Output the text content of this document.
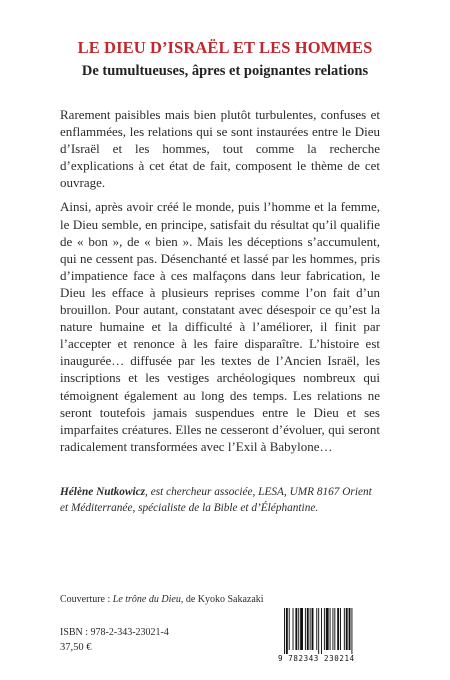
LE DIEU D’ISRAËL ET LES HOMMES
De tumultueuses, âpres et poignantes relations

Rarement paisibles mais bien plutôt turbulentes, confuses et enflammées, les relations qui se sont instaurées entre le Dieu d’Israël et les hommes, tout comme la recherche d’explications à cet état de fait, composent le thème de cet ouvrage.

Ainsi, après avoir créé le monde, puis l’homme et la femme, le Dieu semble, en principe, satisfait du résultat qu’il qualifie de « bon », de « bien ». Mais les déceptions s’accumulent, qui ne cessent pas. Désenchanté et lassé par les hommes, pris d’impatience face à ces malfaçons dans leur fabrication, le Dieu les efface à plusieurs reprises comme l’on fait d’un brouillon. Pour autant, constatant avec désespoir ce qu’est la nature humaine et la difficulté à l’améliorer, il finit par l’accepter et renonce à les faire disparaître. L’histoire est inaugurée… diffusée par les textes de l’Ancien Israël, les inscriptions et les vestiges archéologiques nombreux qui témoignent également au long des temps. Les relations ne seront toutefois jamais suspendues entre le Dieu et ses imparfaites créatures. Elles ne cesseront d’évoluer, qui seront radicalement transformées avec l’Exil à Babylone…

Hélène Nutkowicz, est chercheur associée, LESA, UMR 8167 Orient et Méditerranée, spécialiste de la Bible et d’Éléphantine.
Couverture : Le trône du Dieu, de Kyoko Sakazaki
ISBN : 978-2-343-23021-4
37,50 €
9 782343 230214
